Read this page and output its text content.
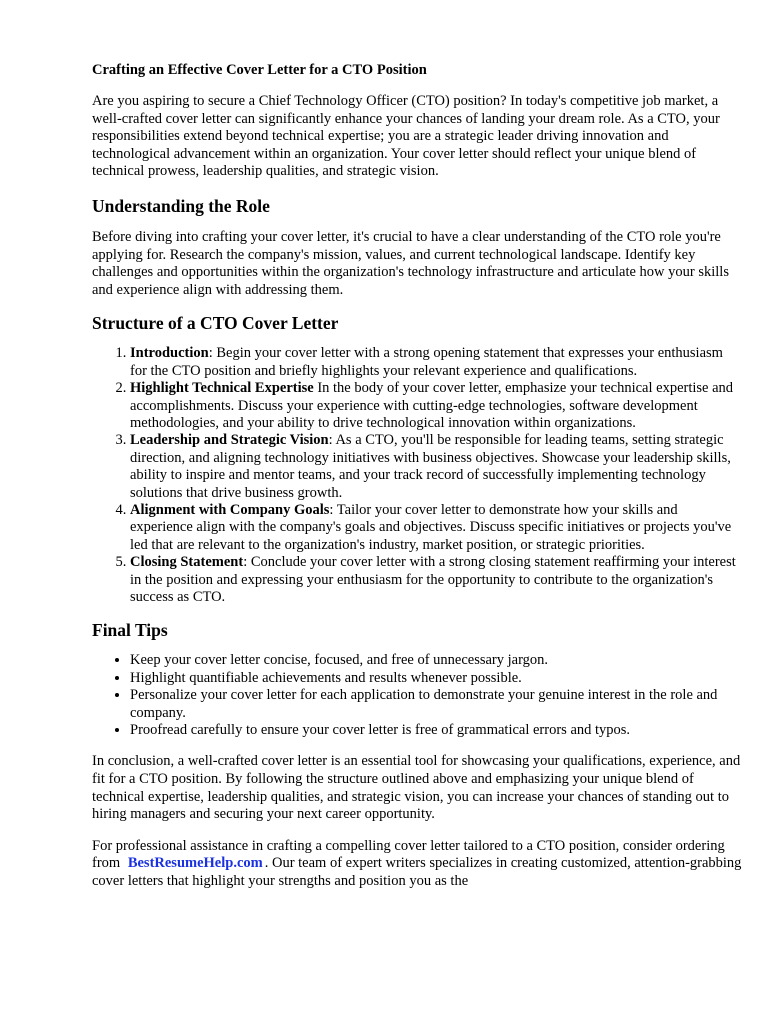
Crafting an Effective Cover Letter for a CTO Position

Are you aspiring to secure a Chief Technology Officer (CTO) position? In today's competitive job market, a well-crafted cover letter can significantly enhance your chances of landing your dream role. As a CTO, your responsibilities extend beyond technical expertise; you are a strategic leader driving innovation and technological advancement within an organization. Your cover letter should reflect your unique blend of technical prowess, leadership qualities, and strategic vision.

Understanding the Role

Before diving into crafting your cover letter, it's crucial to have a clear understanding of the CTO role you're applying for. Research the company's mission, values, and current technological landscape. Identify key challenges and opportunities within the organization's technology infrastructure and articulate how your skills and experience align with addressing them.

Structure of a CTO Cover Letter
1. Introduction: Begin your cover letter with a strong opening statement that expresses your enthusiasm for the CTO position and briefly highlights your relevant experience and qualifications.
2. Highlight Technical Expertise In the body of your cover letter, emphasize your technical expertise and accomplishments. Discuss your experience with cutting-edge technologies, software development methodologies, and your ability to drive technological innovation within organizations.
3. Leadership and Strategic Vision: As a CTO, you'll be responsible for leading teams, setting strategic direction, and aligning technology initiatives with business objectives. Showcase your leadership skills, ability to inspire and mentor teams, and your track record of successfully implementing technology solutions that drive business growth.
4. Alignment with Company Goals: Tailor your cover letter to demonstrate how your skills and experience align with the company's goals and objectives. Discuss specific initiatives or projects you've led that are relevant to the organization's industry, market position, or strategic priorities.
5. Closing Statement: Conclude your cover letter with a strong closing statement reaffirming your interest in the position and expressing your enthusiasm for the opportunity to contribute to the organization's success as CTO.
Final Tips
• Keep your cover letter concise, focused, and free of unnecessary jargon.
• Highlight quantifiable achievements and results whenever possible.
• Personalize your cover letter for each application to demonstrate your genuine interest in the role and company.
• Proofread carefully to ensure your cover letter is free of grammatical errors and typos.

In conclusion, a well-crafted cover letter is an essential tool for showcasing your qualifications, experience, and fit for a CTO position. By following the structure outlined above and emphasizing your unique blend of technical expertise, leadership qualities, and strategic vision, you can increase your chances of standing out to hiring managers and securing your next career opportunity.

For professional assistance in crafting a compelling cover letter tailored to a CTO position, consider ordering from BestResumeHelp.com . Our team of expert writers specializes in creating customized, attention-grabbing cover letters that highlight your strengths and position you as the
